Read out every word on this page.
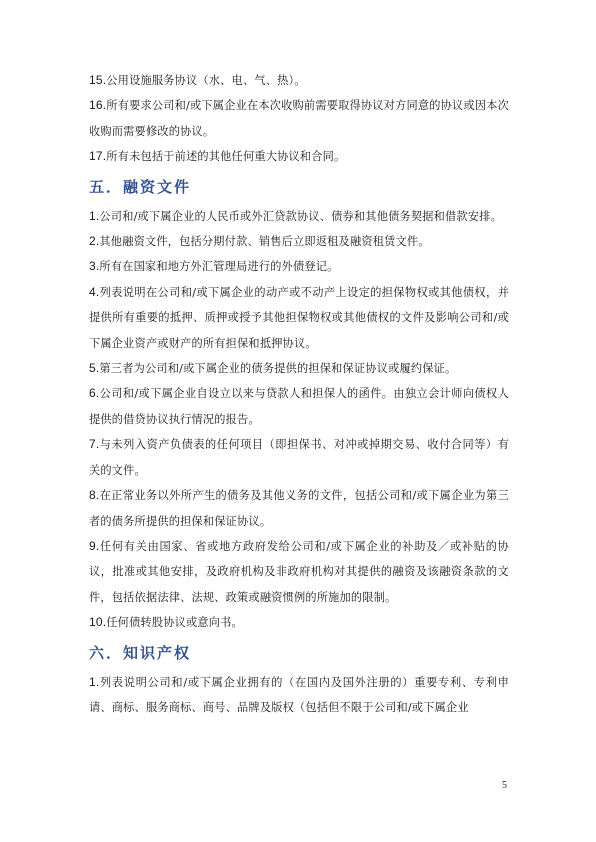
15.公用设施服务协议（水、电、气、热）。

16.所有要求公司和/或下属企业在本次收购前需要取得协议对方同意的协议或因本次收购而需要修改的协议。

17.所有未包括于前述的其他任何重大协议和合同。

五．融资文件

1.公司和/或下属企业的人民币或外汇贷款协议、债券和其他债务契据和借款安排。

2.其他融资文件，包括分期付款、销售后立即返租及融资租赁文件。

3.所有在国家和地方外汇管理局进行的外债登记。

4.列表说明在公司和/或下属企业的动产或不动产上设定的担保物权或其他债权，并提供所有重要的抵押、质押或授予其他担保物权或其他债权的文件及影响公司和/或下属企业资产或财产的所有担保和抵押协议。

5.第三者为公司和/或下属企业的债务提供的担保和保证协议或履约保证。

6.公司和/或下属企业自设立以来与贷款人和担保人的函件。由独立会计师向债权人提供的借贷协议执行情况的报告。

7.与未列入资产负债表的任何项目（即担保书、对冲或掉期交易、收付合同等）有关的文件。

8.在正常业务以外所产生的债务及其他义务的文件，包括公司和/或下属企业为第三者的债务所提供的担保和保证协议。

9.任何有关由国家、省或地方政府发给公司和/或下属企业的补助及／或补贴的协议，批准或其他安排，及政府机构及非政府机构对其提供的融资及该融资条款的文件，包括依据法律、法规、政策或融资惯例的所施加的限制。

10.任何债转股协议或意向书。

六．知识产权

1.列表说明公司和/或下属企业拥有的（在国内及国外注册的）重要专利、专利申请、商标、服务商标、商号、品牌及版权（包括但不限于公司和/或下属企业

5
